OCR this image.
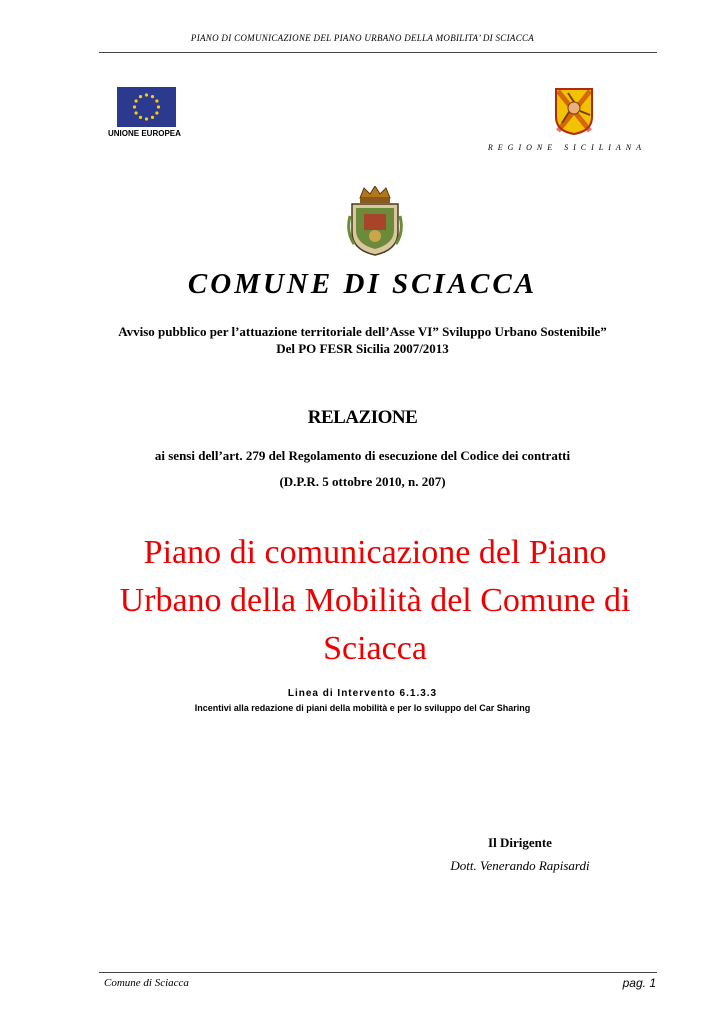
PIANO DI COMUNICAZIONE DEL PIANO URBANO DELLA MOBILITA’ DI SCIACCA
UNIONE EUROPEA
REGIONE SICILIANA
COMUNE DI SCIACCA
Avviso pubblico per l’attuazione territoriale dell’Asse VI” Sviluppo Urbano Sostenibile”
Del PO FESR Sicilia 2007/2013
RELAZIONE
ai sensi dell’art. 279 del Regolamento di esecuzione del Codice dei contratti
(D.P.R. 5 ottobre 2010, n. 207)
Piano di comunicazione del Piano
Urbano della Mobilità del Comune di
Sciacca
Linea di Intervento 6.1.3.3
Incentivi alla redazione di piani della mobilità e per lo sviluppo del Car Sharing
Il Dirigente
Dott. Venerando Rapisardi
Comune di Sciacca	pag. 1
